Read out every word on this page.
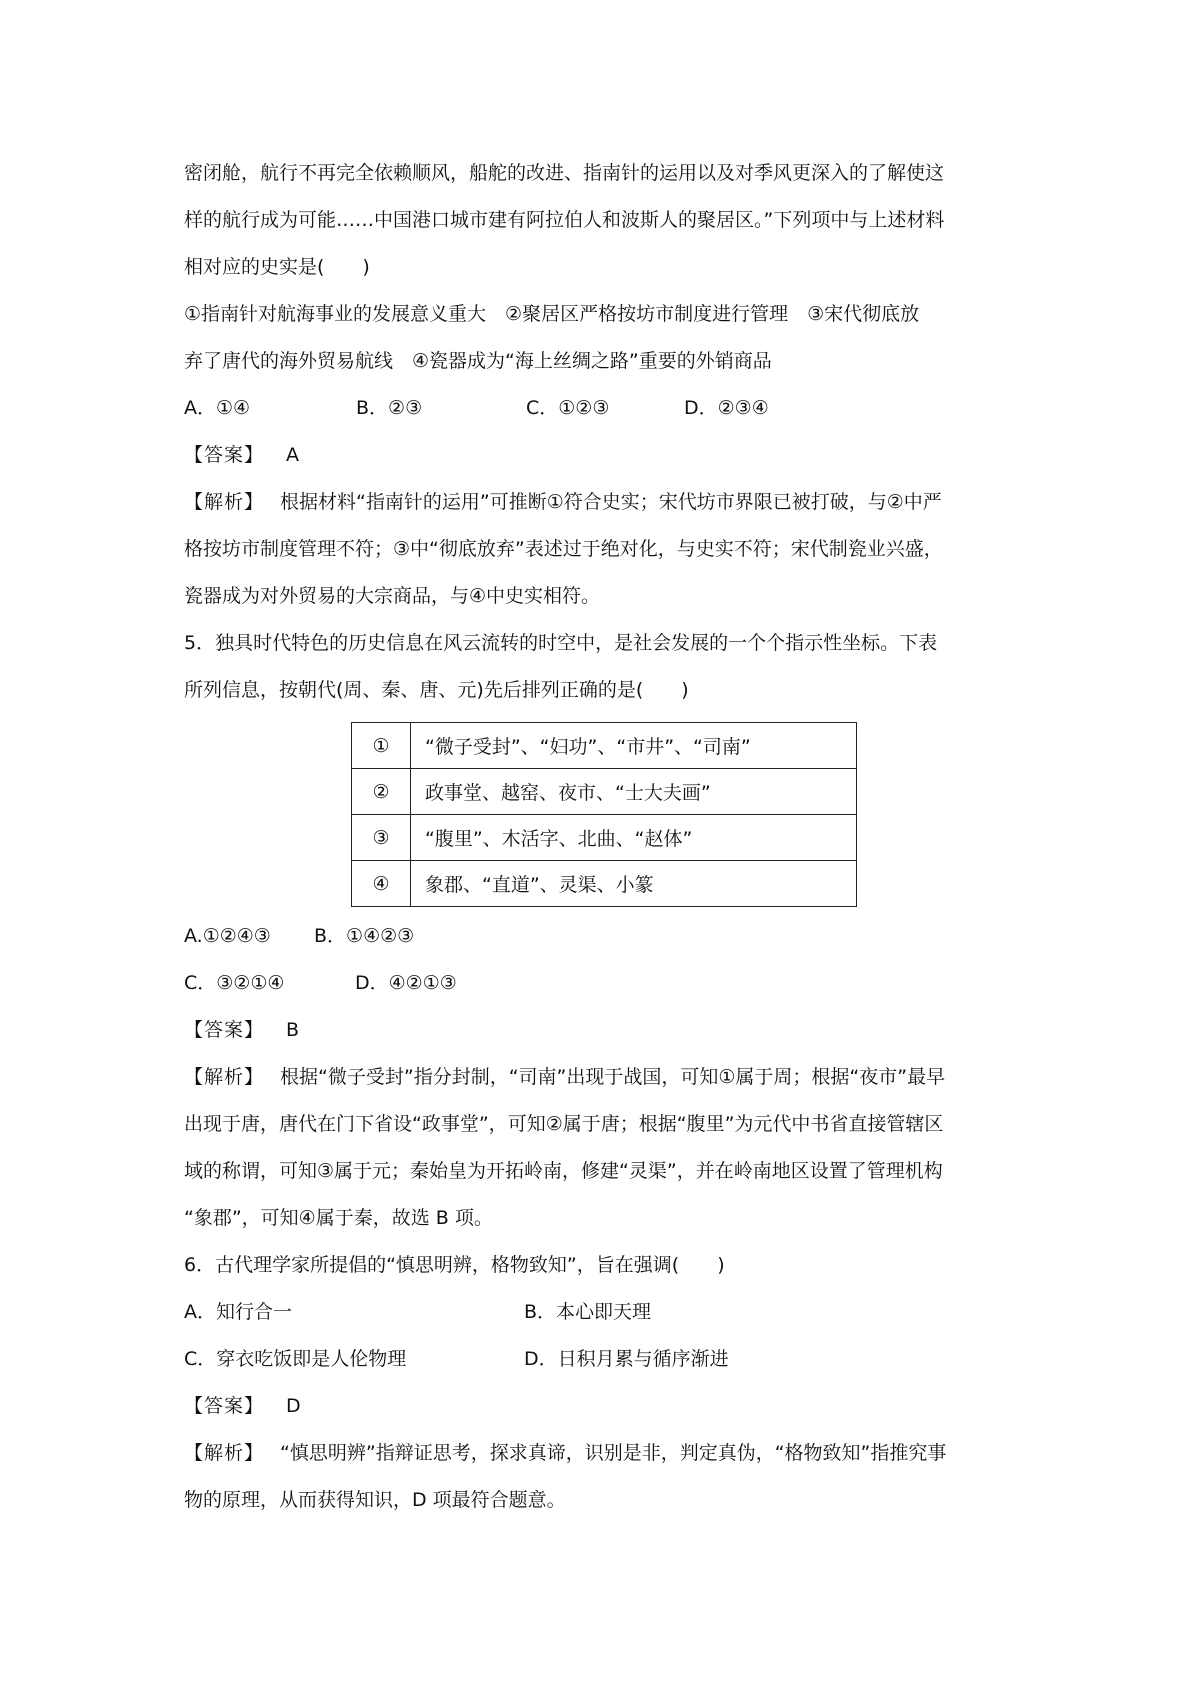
密闭舱，航行不再完全依赖顺风，船舵的改进、指南针的运用以及对季风更深入的了解使这

样的航行成为可能……中国港口城市建有阿拉伯人和波斯人的聚居区。”下列项中与上述材料

相对应的史实是(　　)

①指南针对航海事业的发展意义重大　②聚居区严格按坊市制度进行管理　③宋代彻底放

弃了唐代的海外贸易航线　④瓷器成为“海上丝绸之路”重要的外销商品

A．①④	B．②③	C．①②③	D．②③④

【答案】 A

【解析】 根据材料“指南针的运用”可推断①符合史实；宋代坊市界限已被打破，与②中严

格按坊市制度管理不符；③中“彻底放弃”表述过于绝对化，与史实不符；宋代制瓷业兴盛，

瓷器成为对外贸易的大宗商品，与④中史实相符。

5．独具时代特色的历史信息在风云流转的时空中，是社会发展的一个个指示性坐标。下表

所列信息，按朝代(周、秦、唐、元)先后排列正确的是(　　)

①	“微子受封”、“妇功”、“市井”、“司南”
②	政事堂、越窑、夜市、“士大夫画”
③	“腹里”、木活字、北曲、“赵体”
④	象郡、“直道”、灵渠、小篆

A.①②④③	B．①④②③

C．③②①④	D．④②①③

【答案】 B

【解析】 根据“微子受封”指分封制，“司南”出现于战国，可知①属于周；根据“夜市”最早

出现于唐，唐代在门下省设“政事堂”，可知②属于唐；根据“腹里”为元代中书省直接管辖区

域的称谓，可知③属于元；秦始皇为开拓岭南，修建“灵渠”，并在岭南地区设置了管理机构

“象郡”，可知④属于秦，故选 B 项。

6．古代理学家所提倡的“慎思明辨，格物致知”，旨在强调(　　)

A．知行合一	B．本心即天理

C．穿衣吃饭即是人伦物理	D．日积月累与循序渐进

【答案】 D

【解析】 “慎思明辨”指辩证思考，探求真谛，识别是非，判定真伪，“格物致知”指推究事

物的原理，从而获得知识，D 项最符合题意。
